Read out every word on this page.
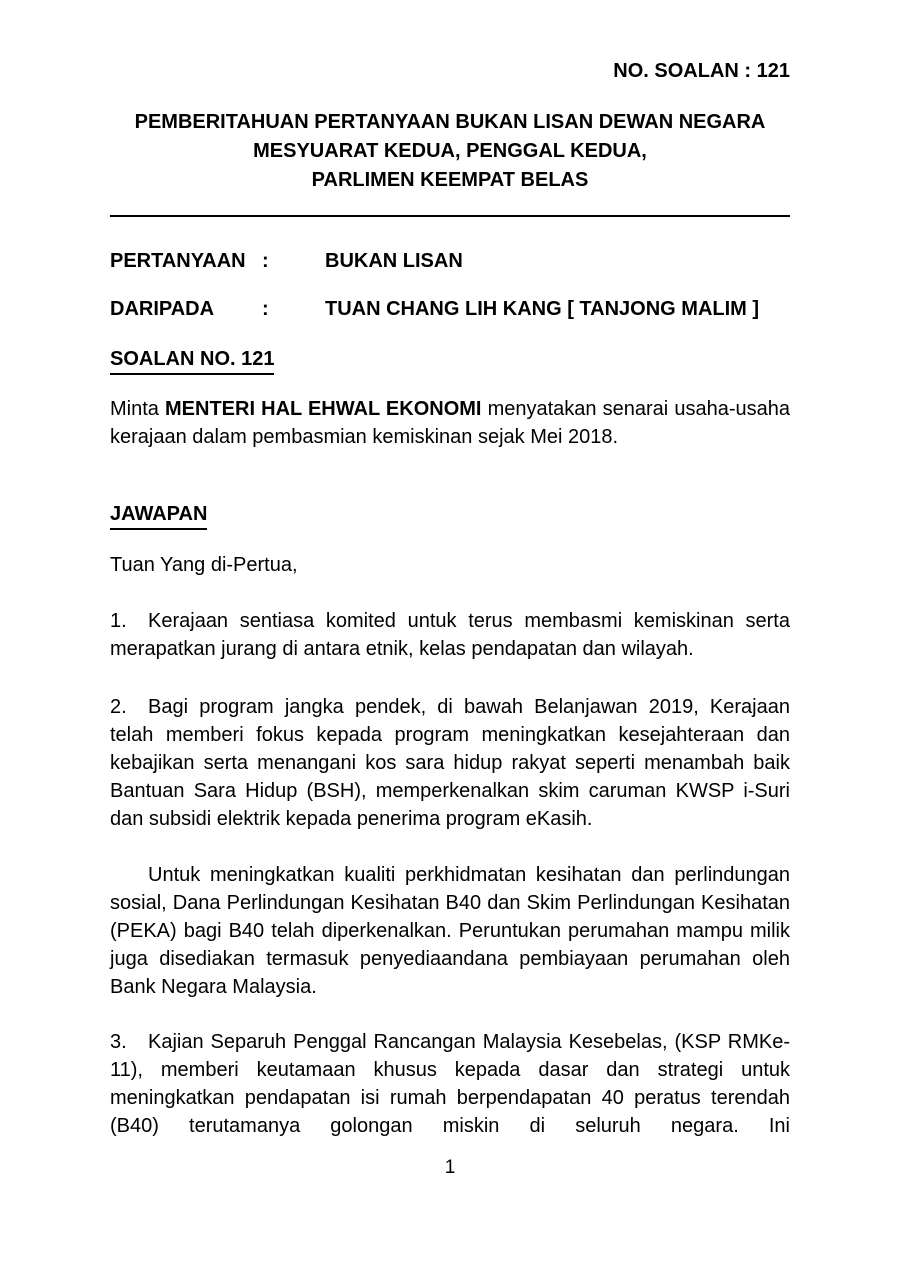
NO. SOALAN : 121
PEMBERITAHUAN PERTANYAAN BUKAN LISAN DEWAN NEGARA
MESYUARAT KEDUA, PENGGAL KEDUA,
PARLIMEN KEEMPAT BELAS
PERTANYAAN :	BUKAN LISAN
DARIPADA :	TUAN CHANG LIH KANG [ TANJONG MALIM ]
SOALAN NO. 121

Minta MENTERI HAL EHWAL EKONOMI menyatakan senarai usaha-usaha kerajaan dalam pembasmian kemiskinan sejak Mei 2018.

JAWAPAN

Tuan Yang di-Pertua,

1. Kerajaan sentiasa komited untuk terus membasmi kemiskinan serta merapatkan jurang di antara etnik, kelas pendapatan dan wilayah.

2. Bagi program jangka pendek, di bawah Belanjawan 2019, Kerajaan telah memberi fokus kepada program meningkatkan kesejahteraan dan kebajikan serta menangani kos sara hidup rakyat seperti menambah baik Bantuan Sara Hidup (BSH), memperkenalkan skim caruman KWSP i-Suri dan subsidi elektrik kepada penerima program eKasih.

Untuk meningkatkan kualiti perkhidmatan kesihatan dan perlindungan sosial, Dana Perlindungan Kesihatan B40 dan Skim Perlindungan Kesihatan (PEKA) bagi B40 telah diperkenalkan. Peruntukan perumahan mampu milik juga disediakan termasuk penyediaandana pembiayaan perumahan oleh Bank Negara Malaysia.

3. Kajian Separuh Penggal Rancangan Malaysia Kesebelas, (KSP RMKe-11), memberi keutamaan khusus kepada dasar dan strategi untuk meningkatkan pendapatan isi rumah berpendapatan 40 peratus terendah (B40) terutamanya golongan miskin di seluruh negara. Ini

1
